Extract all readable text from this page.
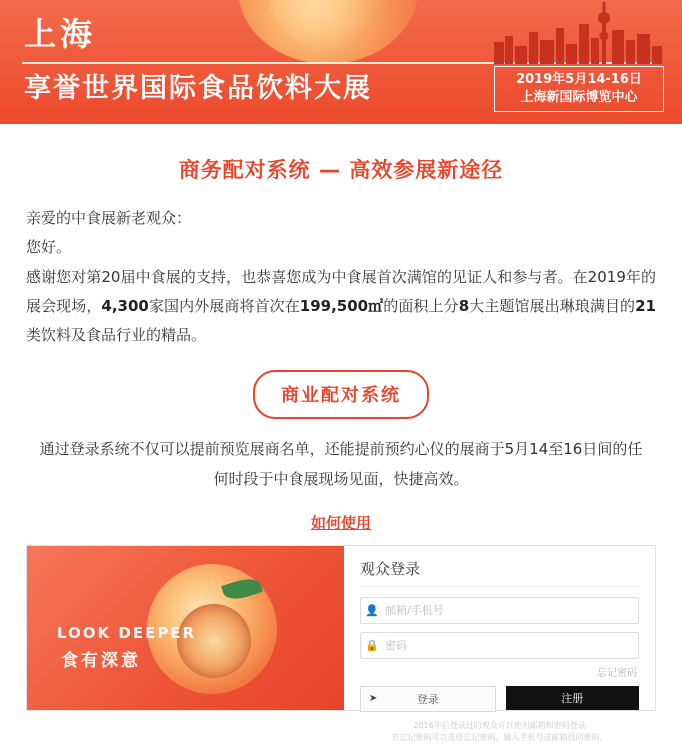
上海
享誉世界国际食品饮料大展	2019年5月14-16日
上海新国际博览中心
商务配对系统 — 高效参展新途径

亲爱的中食展新老观众：

您好。

感谢您对第20届中食展的支持，也恭喜您成为中食展首次满馆的见证人和参与者。在2019年的展会现场，4,300家国内外展商将首次在199,500㎡的面积上分8大主题馆展出琳琅满目的21类饮料及食品行业的精品。

商业配对系统
通过登录系统不仅可以提前预览展商名单，还能提前预约心仪的展商于5月14至16日间的任何时段于中食展现场见面，快捷高效。
如何使用
LOOK DEEPER
食有深意
观众登录
👤
邮箱/手机号
🔒
忘记密码
➤	登录	注册
2016年后登录过的观众可以使用邮箱和密码登录
若忘记密码可以选择忘记密码，输入手机号或邮箱找回密码。
